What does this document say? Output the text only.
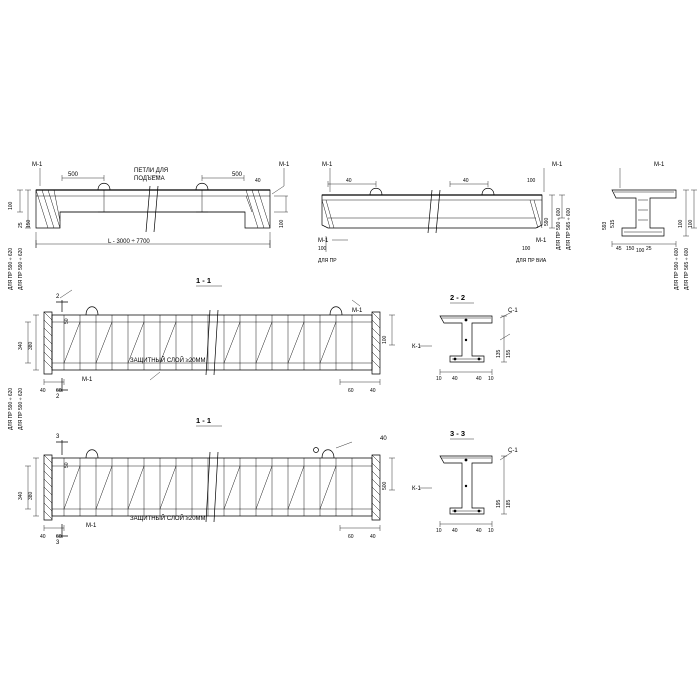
М-1	М-1
500	500
ПЕТЛИ ДЛЯ
ПОДЪЕМА
L - 3000 ÷ 7700
100
25 150
40
100
М-1	М-1
40	40	100
100	100
М-1	М-1
ДЛЯ ПР	ДЛЯ ПР ВИА
590 ДЛЯ ПР 590 ÷ 600 ДЛЯ ПР 565 ÷ 600
М-1
593 515	100 100
100
45 150 25	ДЛЯ ПР 565 ÷ 600
ДЛЯ ПР 590 ÷ 600
1 - 1
2
2
М-1
М-1
ЗАЩИТНЫЙ СЛОЙ ≥20ММ
340 380
40 60	60	40
100
50
ДЛЯ ПР 590 ÷ 620 ДЛЯ ПР 590 ÷ 620
2 - 2
С-1
К-1
135 155
10 40	40 10
1 - 1
3
3
40
ЗАЩИТНЫЙ СЛОЙ ≥20ММ
М-1
340 380
40 60	60	40
500
50
ДЛЯ ПР 590 ÷ 620 ДЛЯ ПР 590 ÷ 620
3 - 3
С-1
К-1
195 185
10 40	40 10
